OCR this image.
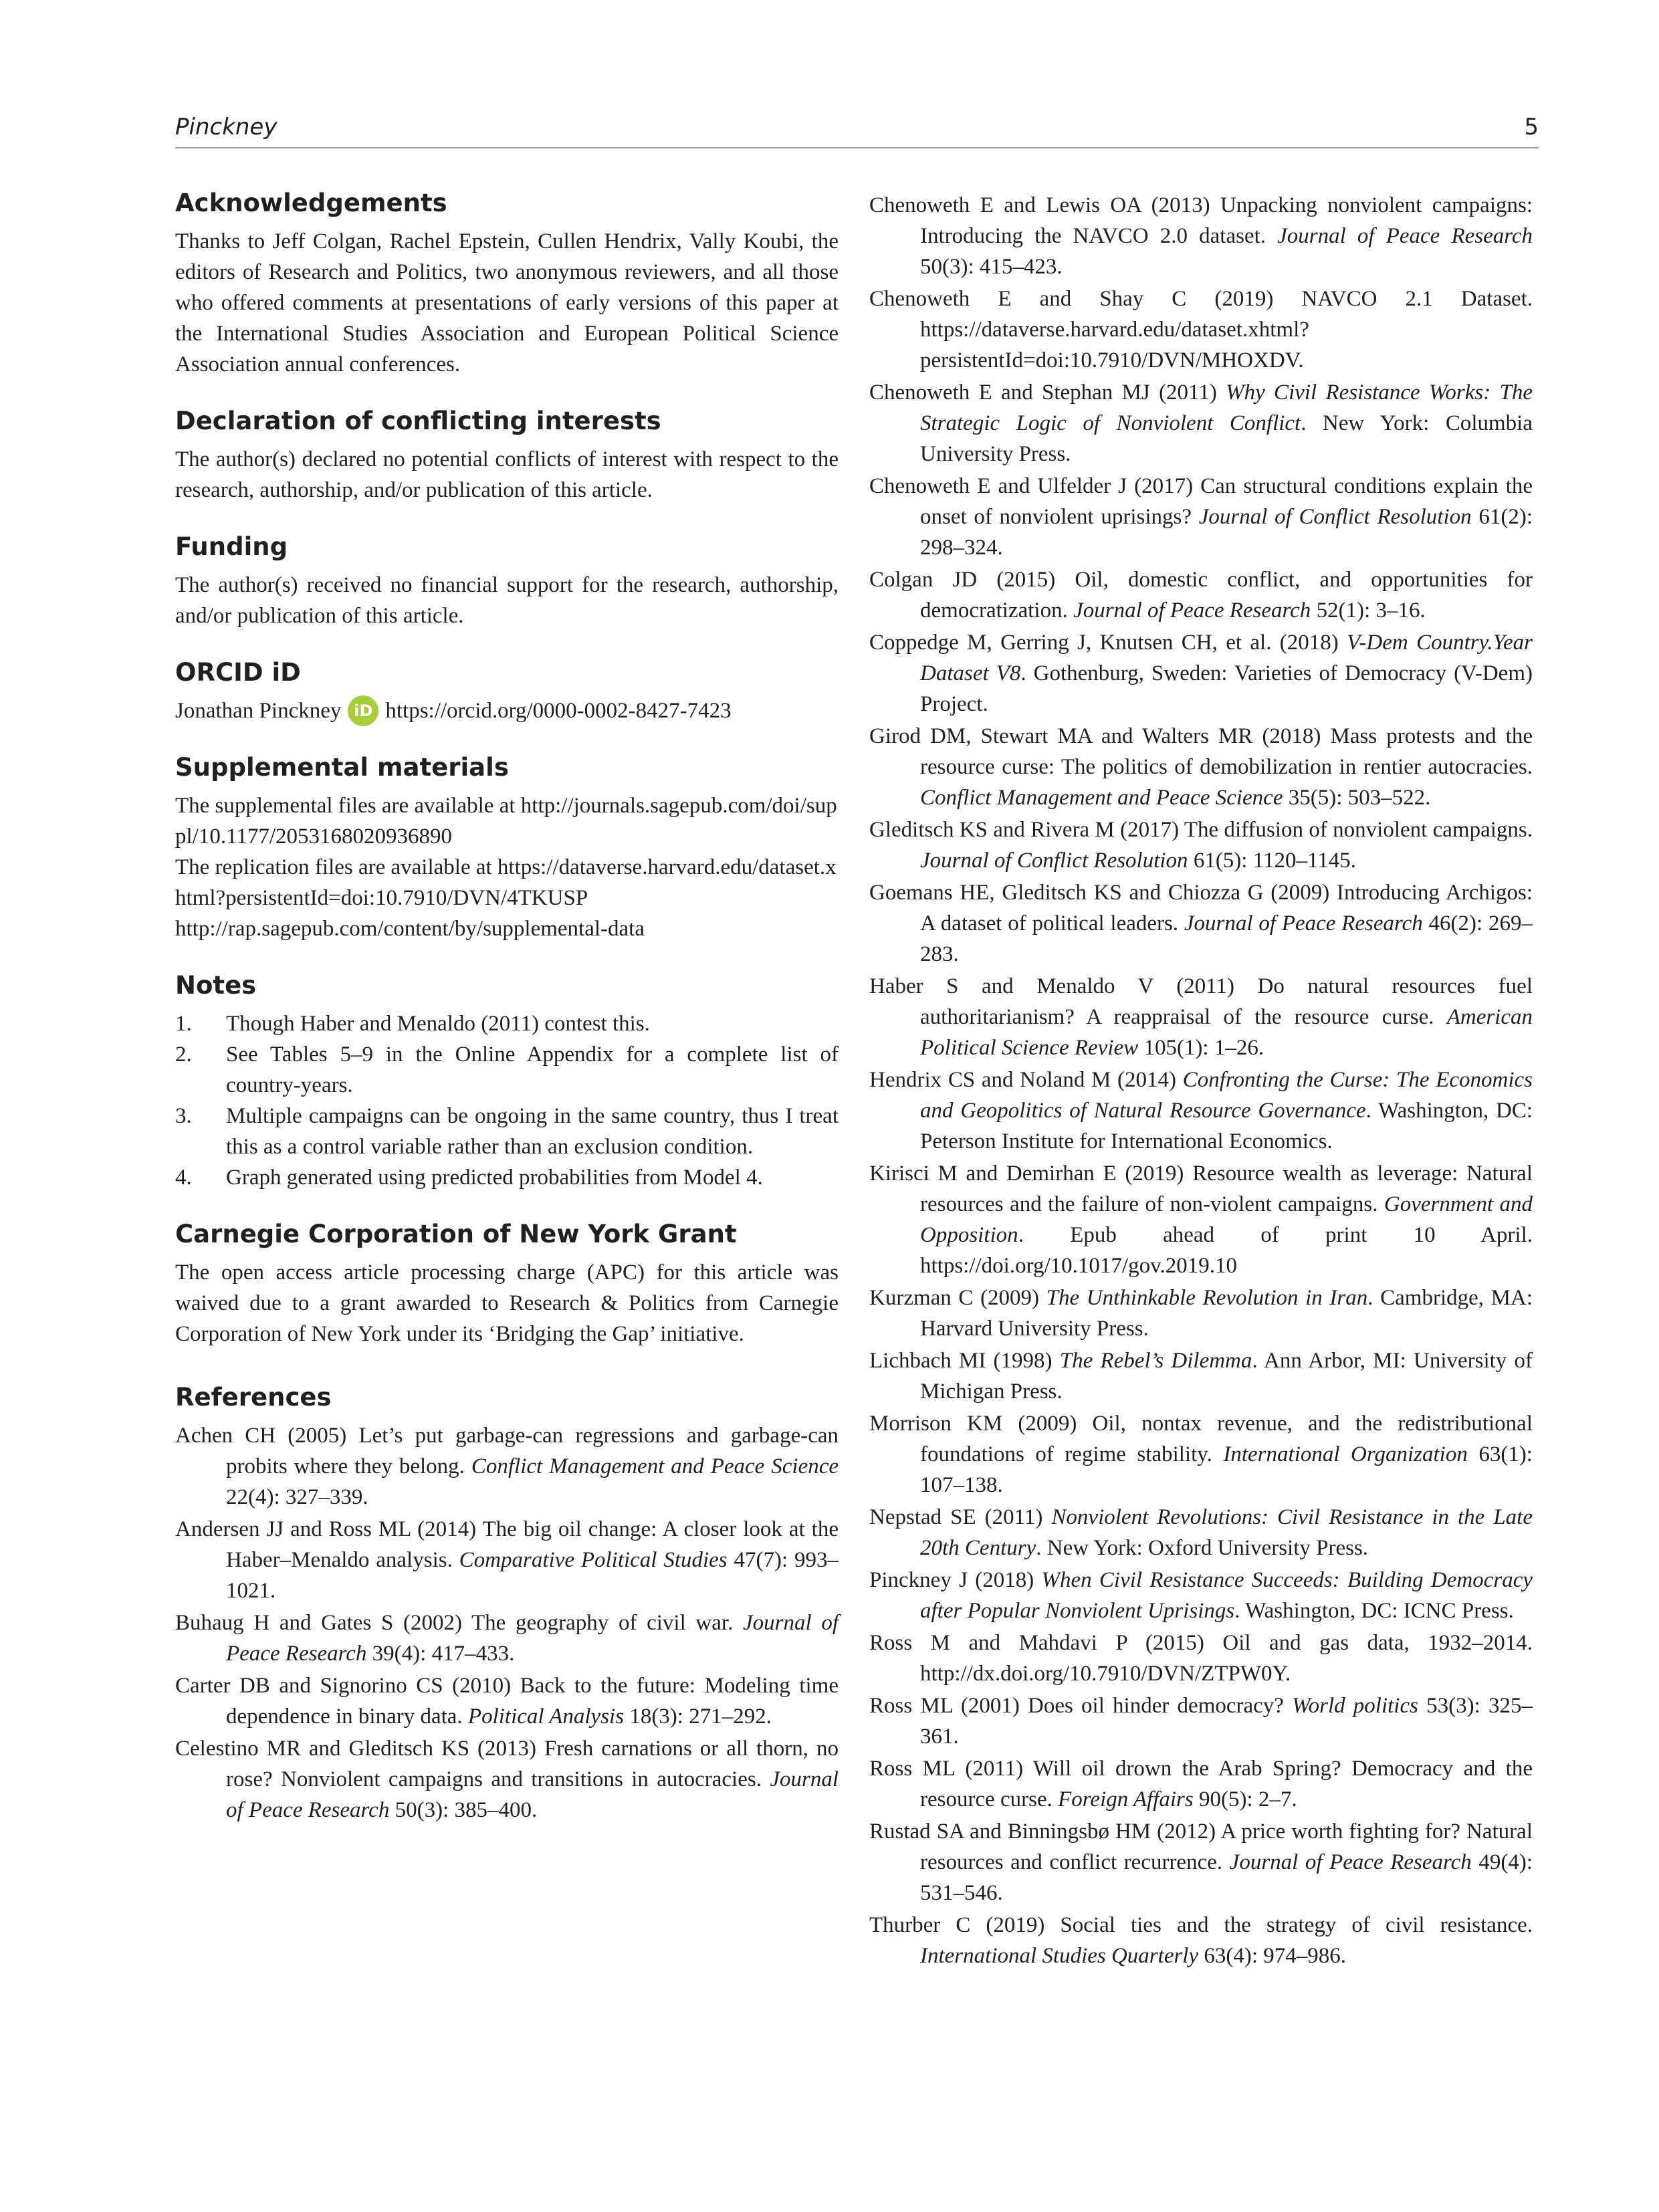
Pinckney	5
Acknowledgements

Thanks to Jeff Colgan, Rachel Epstein, Cullen Hendrix, Vally Koubi, the editors of Research and Politics, two anonymous reviewers, and all those who offered comments at presentations of early versions of this paper at the International Studies Association and European Political Science Association annual conferences.

Declaration of conflicting interests

The author(s) declared no potential conflicts of interest with respect to the research, authorship, and/or publication of this article.

Funding

The author(s) received no financial support for the research, authorship, and/or publication of this article.

ORCID iD
Jonathan Pinckney iD https://orcid.org/0000-0002-8427-7423
Supplemental materials

The supplemental files are available at http://journals.sagepub.com/doi/suppl/10.1177/2053168020936890

The replication files are available at https://dataverse.harvard.edu/dataset.xhtml?persistentId=doi:10.7910/DVN/4TKUSP

http://rap.sagepub.com/content/by/supplemental-data

Notes
1.	Though Haber and Menaldo (2011) contest this.
2.	See Tables 5–9 in the Online Appendix for a complete list of country-years.
3.	Multiple campaigns can be ongoing in the same country, thus I treat this as a control variable rather than an exclusion condition.
4.	Graph generated using predicted probabilities from Model 4.
Carnegie Corporation of New York Grant

The open access article processing charge (APC) for this article was waived due to a grant awarded to Research & Politics from Carnegie Corporation of New York under its ‘Bridging the Gap’ initiative.

References

Achen CH (2005) Let’s put garbage-can regressions and garbage-can probits where they belong. Conflict Management and Peace Science 22(4): 327–339.

Andersen JJ and Ross ML (2014) The big oil change: A closer look at the Haber–Menaldo analysis. Comparative Political Studies 47(7): 993–1021.

Buhaug H and Gates S (2002) The geography of civil war. Journal of Peace Research 39(4): 417–433.

Carter DB and Signorino CS (2010) Back to the future: Modeling time dependence in binary data. Political Analysis 18(3): 271–292.

Celestino MR and Gleditsch KS (2013) Fresh carnations or all thorn, no rose? Nonviolent campaigns and transitions in autocracies. Journal of Peace Research 50(3): 385–400.

Chenoweth E and Lewis OA (2013) Unpacking nonviolent campaigns: Introducing the NAVCO 2.0 dataset. Journal of Peace Research 50(3): 415–423.

Chenoweth E and Shay C (2019) NAVCO 2.1 Dataset. https://dataverse.harvard.edu/dataset.xhtml?persistentId=doi:10.7910/DVN/MHOXDV.

Chenoweth E and Stephan MJ (2011) Why Civil Resistance Works: The Strategic Logic of Nonviolent Conflict. New York: Columbia University Press.

Chenoweth E and Ulfelder J (2017) Can structural conditions explain the onset of nonviolent uprisings? Journal of Conflict Resolution 61(2): 298–324.

Colgan JD (2015) Oil, domestic conflict, and opportunities for democratization. Journal of Peace Research 52(1): 3–16.

Coppedge M, Gerring J, Knutsen CH, et al. (2018) V-Dem Country.Year Dataset V8. Gothenburg, Sweden: Varieties of Democracy (V-Dem) Project.

Girod DM, Stewart MA and Walters MR (2018) Mass protests and the resource curse: The politics of demobilization in rentier autocracies. Conflict Management and Peace Science 35(5): 503–522.

Gleditsch KS and Rivera M (2017) The diffusion of nonviolent campaigns. Journal of Conflict Resolution 61(5): 1120–1145.

Goemans HE, Gleditsch KS and Chiozza G (2009) Introducing Archigos: A dataset of political leaders. Journal of Peace Research 46(2): 269–283.

Haber S and Menaldo V (2011) Do natural resources fuel authoritarianism? A reappraisal of the resource curse. American Political Science Review 105(1): 1–26.

Hendrix CS and Noland M (2014) Confronting the Curse: The Economics and Geopolitics of Natural Resource Governance. Washington, DC: Peterson Institute for International Economics.

Kirisci M and Demirhan E (2019) Resource wealth as leverage: Natural resources and the failure of non-violent campaigns. Government and Opposition. Epub ahead of print 10 April. https://doi.org/10.1017/gov.2019.10

Kurzman C (2009) The Unthinkable Revolution in Iran. Cambridge, MA: Harvard University Press.

Lichbach MI (1998) The Rebel’s Dilemma. Ann Arbor, MI: University of Michigan Press.

Morrison KM (2009) Oil, nontax revenue, and the redistributional foundations of regime stability. International Organization 63(1): 107–138.

Nepstad SE (2011) Nonviolent Revolutions: Civil Resistance in the Late 20th Century. New York: Oxford University Press.

Pinckney J (2018) When Civil Resistance Succeeds: Building Democracy after Popular Nonviolent Uprisings. Washington, DC: ICNC Press.

Ross M and Mahdavi P (2015) Oil and gas data, 1932–2014. http://dx.doi.org/10.7910/DVN/ZTPW0Y.

Ross ML (2001) Does oil hinder democracy? World politics 53(3): 325–361.

Ross ML (2011) Will oil drown the Arab Spring? Democracy and the resource curse. Foreign Affairs 90(5): 2–7.

Rustad SA and Binningsbø HM (2012) A price worth fighting for? Natural resources and conflict recurrence. Journal of Peace Research 49(4): 531–546.

Thurber C (2019) Social ties and the strategy of civil resistance. International Studies Quarterly 63(4): 974–986.
